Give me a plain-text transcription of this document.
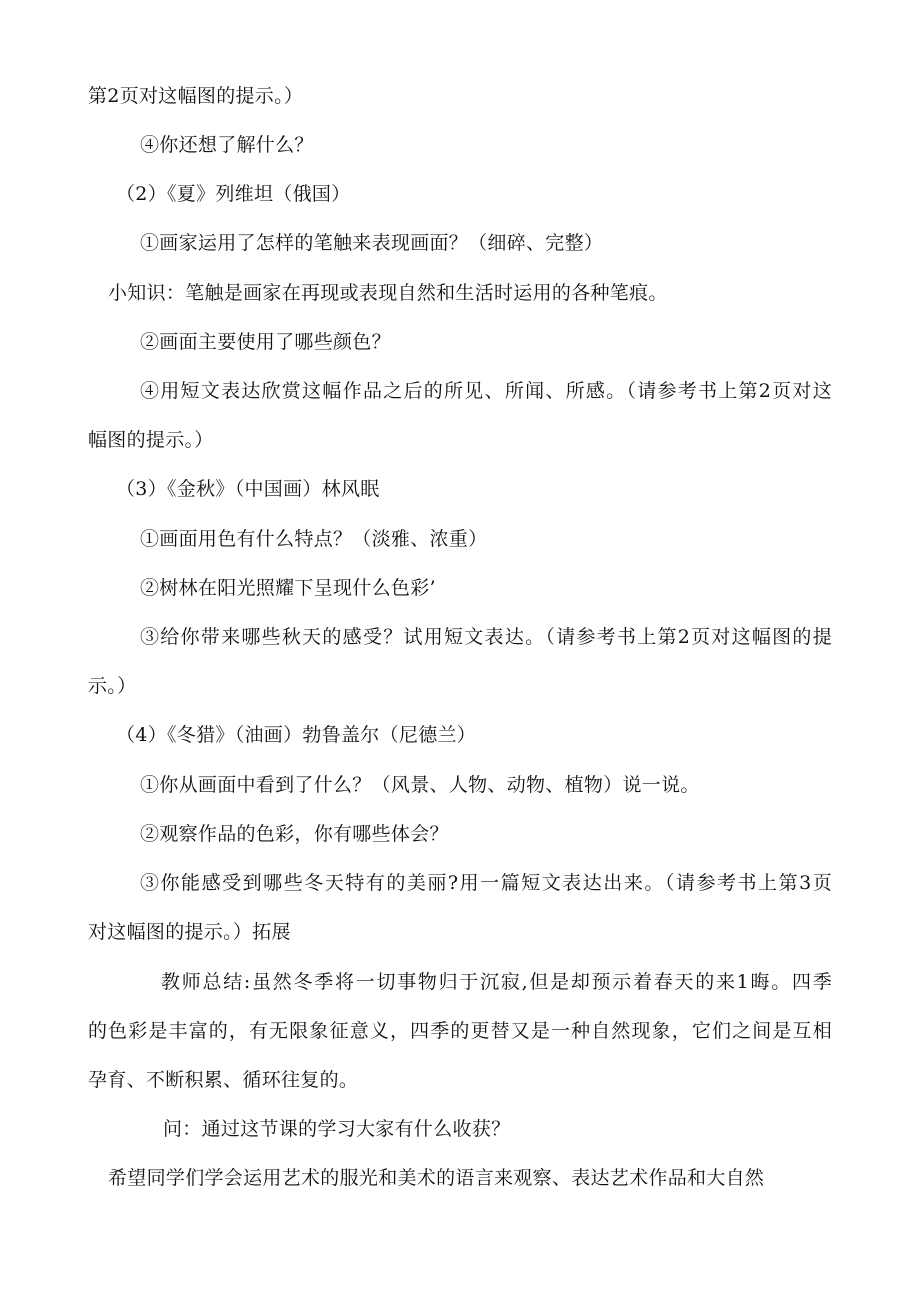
第2页对这幅图的提示。）
④你还想了解什么？
（2）《夏》列维坦（俄国）
①画家运用了怎样的笔触来表现画面？（细碎、完整）
小知识：笔触是画家在再现或表现自然和生活时运用的各种笔痕。
②画面主要使用了哪些颜色？
④用短文表达欣赏这幅作品之后的所见、所闻、所感。（请参考书上第2页对这
幅图的提示。）
（3）《金秋》（中国画）林风眠
①画面用色有什么特点？（淡雅、浓重）
②树林在阳光照耀下呈现什么色彩’
③给你带来哪些秋天的感受？试用短文表达。（请参考书上第2页对这幅图的提
示。）
（4）《冬猎》（油画）勃鲁盖尔（尼德兰）
①你从画面中看到了什么？（风景、人物、动物、植物）说一说。
②观察作品的色彩，你有哪些体会？
③你能感受到哪些冬天特有的美丽?用一篇短文表达出来。（请参考书上第3页
对这幅图的提示。）拓展
教师总结:虽然冬季将一切事物归于沉寂,但是却预示着春天的来1晦。四季
的色彩是丰富的，有无限象征意义，四季的更替又是一种自然现象，它们之间是互相
孕育、不断积累、循环往复的。
问：通过这节课的学习大家有什么收获？
希望同学们学会运用艺术的服光和美术的语言来观察、表达艺术作品和大自然
